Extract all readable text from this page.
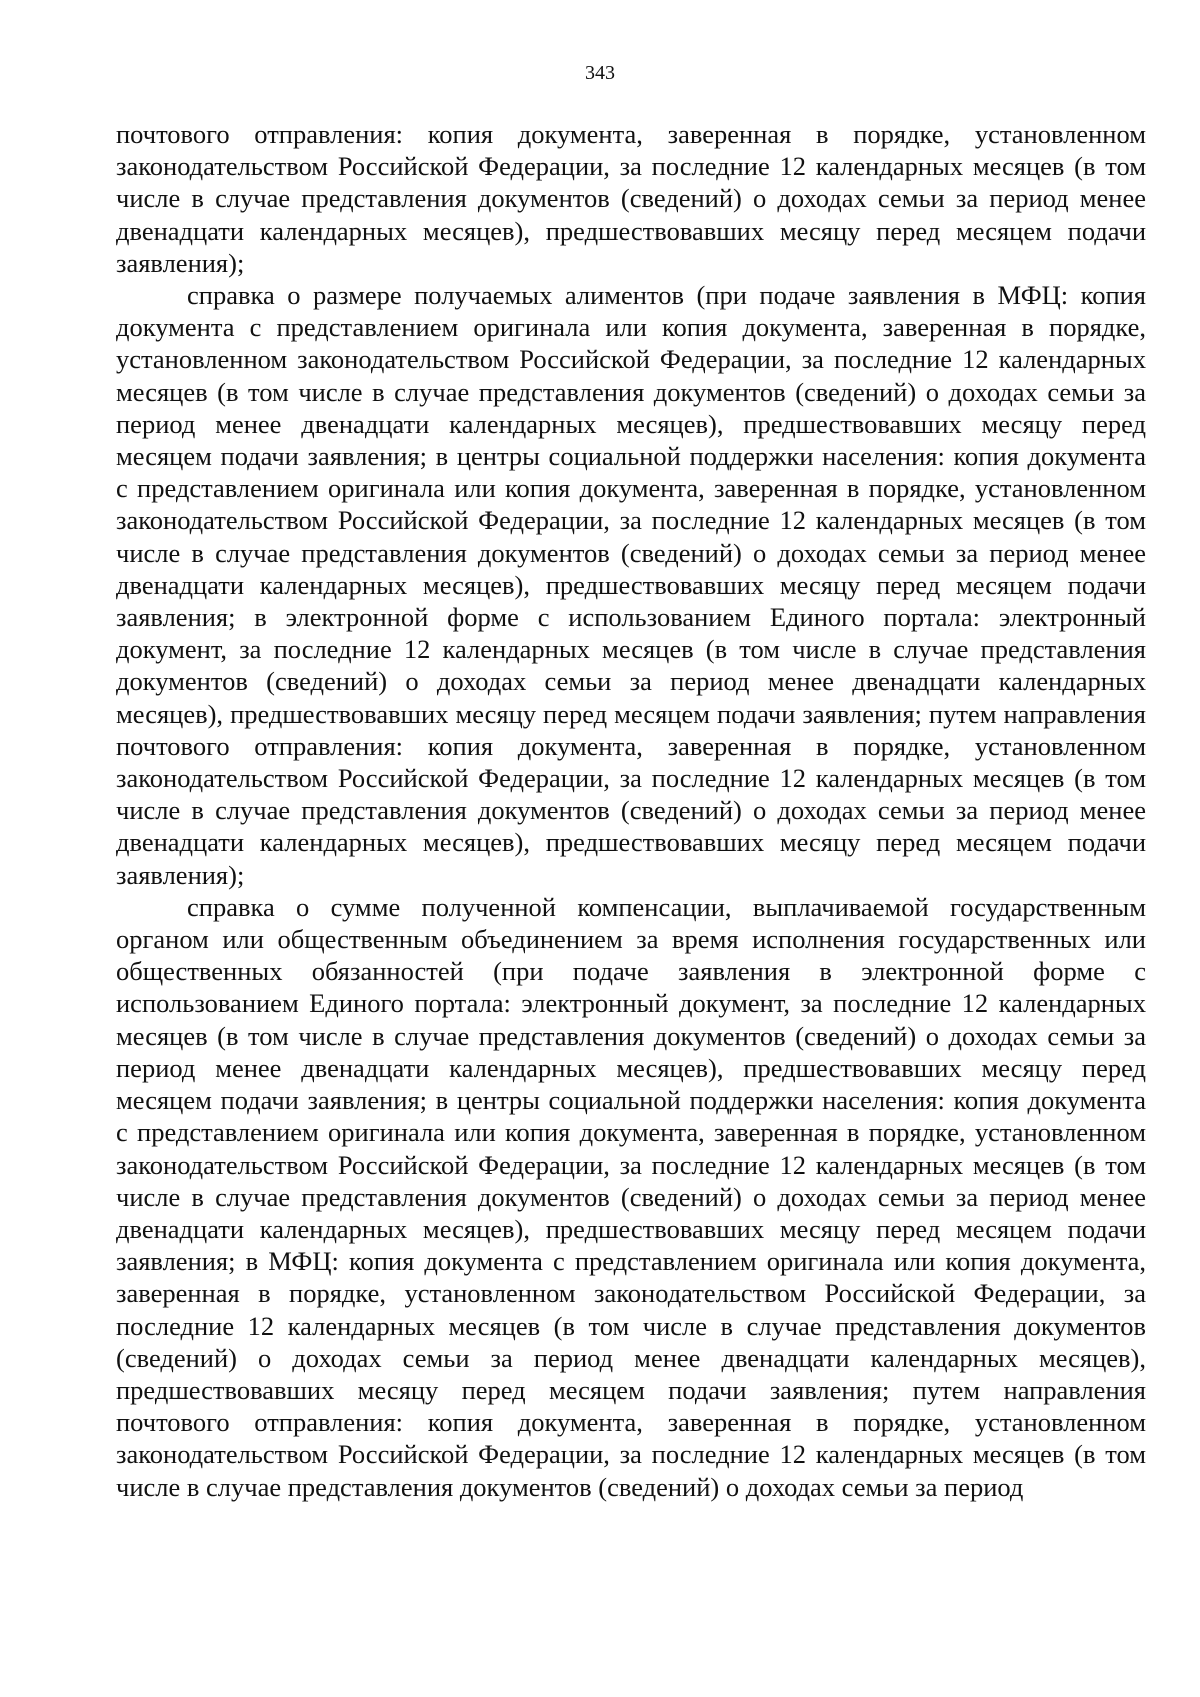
343

почтового отправления: копия документа, заверенная в порядке, установленном законодательством Российской Федерации, за последние 12 календарных месяцев (в том числе в случае представления документов (сведений) о доходах семьи за период менее двенадцати календарных месяцев), предшествовавших месяцу перед месяцем подачи заявления);

справка о размере получаемых алиментов (при подаче заявления в МФЦ: копия документа с представлением оригинала или копия документа, заверенная в порядке, установленном законодательством Российской Федерации, за последние 12 календарных месяцев (в том числе в случае представления документов (сведений) о доходах семьи за период менее двенадцати календарных месяцев), предшествовавших месяцу перед месяцем подачи заявления; в центры социальной поддержки населения: копия документа с представлением оригинала или копия документа, заверенная в порядке, установленном законодательством Российской Федерации, за последние 12 календарных месяцев (в том числе в случае представления документов (сведений) о доходах семьи за период менее двенадцати календарных месяцев), предшествовавших месяцу перед месяцем подачи заявления; в электронной форме с использованием Единого портала: электронный документ, за последние 12 календарных месяцев (в том числе в случае представления документов (сведений) о доходах семьи за период менее двенадцати календарных месяцев), предшествовавших месяцу перед месяцем подачи заявления; путем направления почтового отправления: копия документа, заверенная в порядке, установленном законодательством Российской Федерации, за последние 12 календарных месяцев (в том числе в случае представления документов (сведений) о доходах семьи за период менее двенадцати календарных месяцев), предшествовавших месяцу перед месяцем подачи заявления);

справка о сумме полученной компенсации, выплачиваемой государственным органом или общественным объединением за время исполнения государственных или общественных обязанностей (при подаче заявления в электронной форме с использованием Единого портала: электронный документ, за последние 12 календарных месяцев (в том числе в случае представления документов (сведений) о доходах семьи за период менее двенадцати календарных месяцев), предшествовавших месяцу перед месяцем подачи заявления; в центры социальной поддержки населения: копия документа с представлением оригинала или копия документа, заверенная в порядке, установленном законодательством Российской Федерации, за последние 12 календарных месяцев (в том числе в случае представления документов (сведений) о доходах семьи за период менее двенадцати календарных месяцев), предшествовавших месяцу перед месяцем подачи заявления; в МФЦ: копия документа с представлением оригинала или копия документа, заверенная в порядке, установленном законодательством Российской Федерации, за последние 12 календарных месяцев (в том числе в случае представления документов (сведений) о доходах семьи за период менее двенадцати календарных месяцев), предшествовавших месяцу перед месяцем подачи заявления; путем направления почтового отправления: копия документа, заверенная в порядке, установленном законодательством Российской Федерации, за последние 12 календарных месяцев (в том числе в случае представления документов (сведений) о доходах семьи за период
